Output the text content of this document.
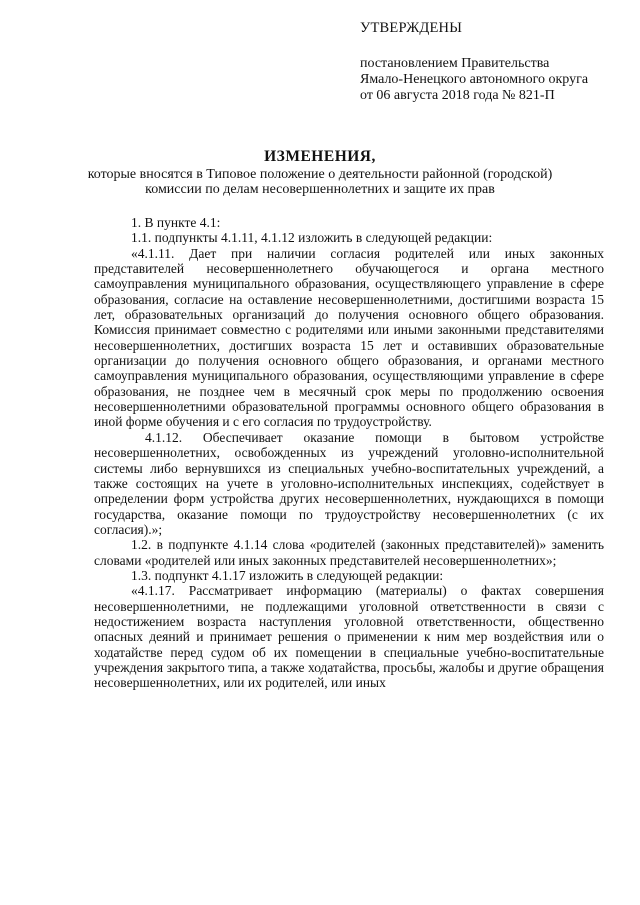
УТВЕРЖДЕНЫ
постановлением Правительства
Ямало-Ненецкого автономного округа
от 06 августа 2018 года № 821-П
ИЗМЕНЕНИЯ,
которые вносятся в Типовое положение о деятельности районной (городской)
комиссии по делам несовершеннолетних и защите их прав

1. В пункте 4.1:

1.1. подпункты 4.1.11, 4.1.12 изложить в следующей редакции:

«4.1.11. Дает при наличии согласия родителей или иных законных представителей несовершеннолетнего обучающегося и органа местного самоуправления муниципального образования, осуществляющего управление в сфере образования, согласие на оставление несовершеннолетними, достигшими возраста 15 лет, образовательных организаций до получения основного общего образования. Комиссия принимает совместно с родителями или иными законными представителями несовершеннолетних, достигших возраста 15 лет и оставивших образовательные организации до получения основного общего образования, и органами местного самоуправления муниципального образования, осуществляющими управление в сфере образования, не позднее чем в месячный срок меры по продолжению освоения несовершеннолетними образовательной программы основного общего образования в иной форме обучения и с его согласия по трудоустройству.

4.1.12. Обеспечивает оказание помощи в бытовом устройстве несовершеннолетних, освобожденных из учреждений уголовно-исполнительной системы либо вернувшихся из специальных учебно-воспитательных учреждений, а также состоящих на учете в уголовно-исполнительных инспекциях, содействует в определении форм устройства других несовершеннолетних, нуждающихся в помощи государства, оказание помощи по трудоустройству несовершеннолетних (с их согласия).»;

1.2. в подпункте 4.1.14 слова «родителей (законных представителей)» заменить словами «родителей или иных законных представителей несовершеннолетних»;

1.3. подпункт 4.1.17 изложить в следующей редакции:

«4.1.17. Рассматривает информацию (материалы) о фактах совершения несовершеннолетними, не подлежащими уголовной ответственности в связи с недостижением возраста наступления уголовной ответственности, общественно опасных деяний и принимает решения о применении к ним мер воздействия или о ходатайстве перед судом об их помещении в специальные учебно-воспитательные учреждения закрытого типа, а также ходатайства, просьбы, жалобы и другие обращения несовершеннолетних, или их родителей, или иных
